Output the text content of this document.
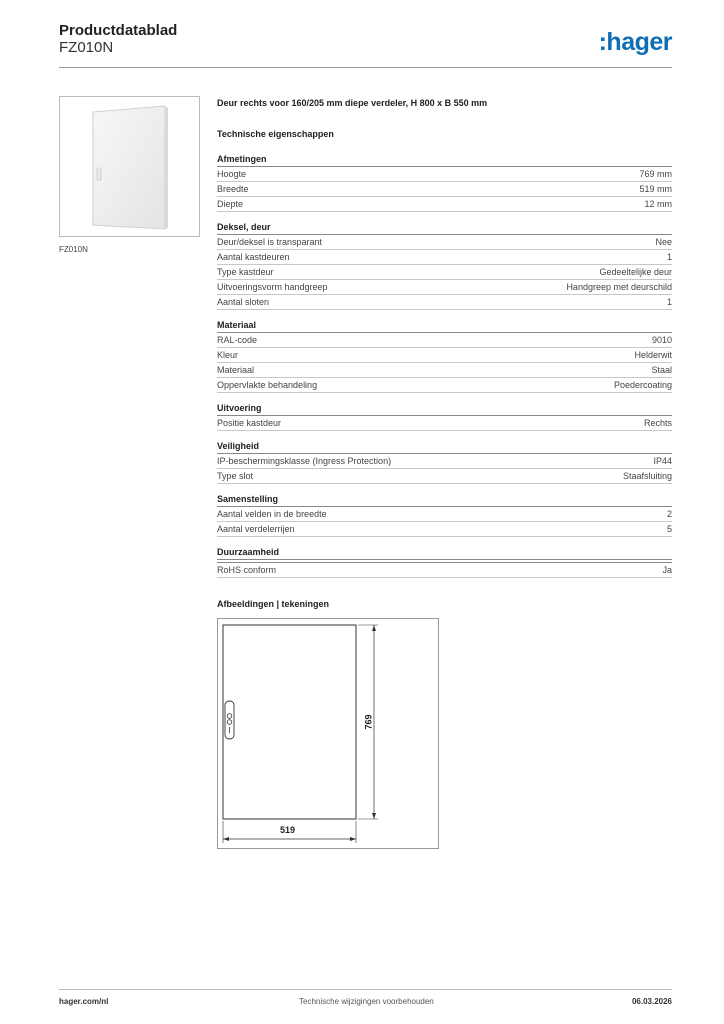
Productdatablad
FZ010N	:hager
FZ010N
Deur rechts voor 160/205 mm diepe verdeler, H 800 x B 550 mm
Technische eigenschappen
Afmetingen
Hoogte	769 mm
Breedte	519 mm
Diepte	12 mm
Deksel, deur
Deur/deksel is transparant	Nee
Aantal kastdeuren	1
Type kastdeur	Gedeeltelijke deur
Uitvoeringsvorm handgreep	Handgreep met deurschild
Aantal sloten	1
Materiaal
RAL-code	9010
Kleur	Helderwit
Materiaal	Staal
Oppervlakte behandeling	Poedercoating
Uitvoering
Positie kastdeur	Rechts
Veiligheid
IP-beschermingsklasse (Ingress Protection)	IP44
Type slot	Staafsluiting
Samenstelling
Aantal velden in de breedte	2
Aantal verdelerrijen	5
Duurzaamheid
RoHS conform	Ja
Afbeeldingen | tekeningen
769
519
hager.com/nl	Technische wijzigingen voorbehouden	06.03.2026
